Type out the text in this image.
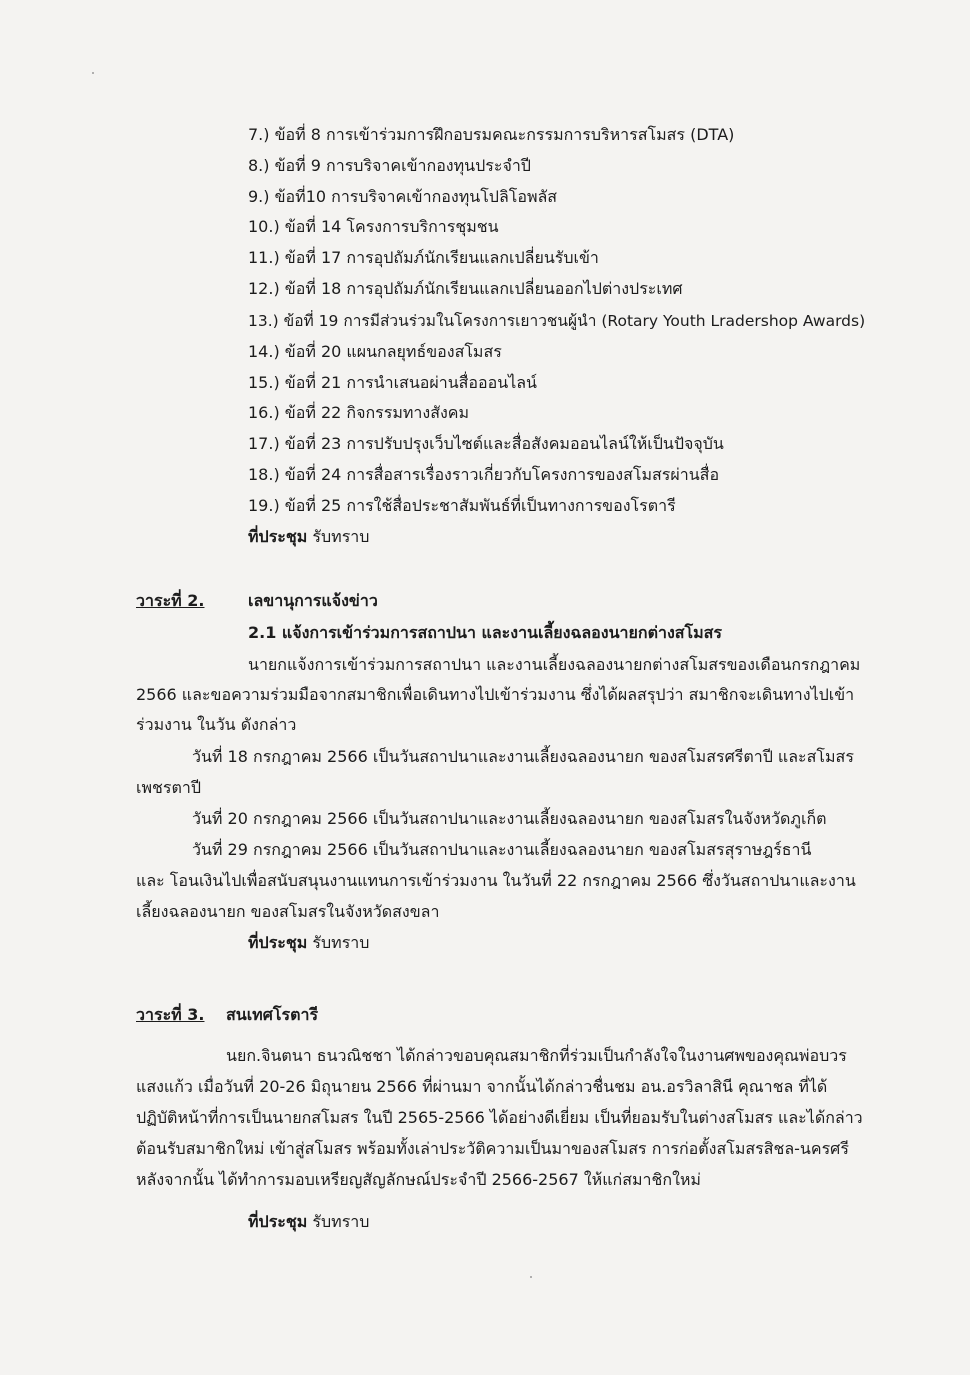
7.) ข้อที่ 8 การเข้าร่วมการฝึกอบรมคณะกรรมการบริหารสโมสร (DTA)
8.) ข้อที่ 9 การบริจาคเข้ากองทุนประจำปี
9.) ข้อที่10 การบริจาคเข้ากองทุนโปลิโอพลัส
10.) ข้อที่ 14 โครงการบริการชุมชน
11.) ข้อที่ 17 การอุปถัมภ์นักเรียนแลกเปลี่ยนรับเข้า
12.) ข้อที่ 18 การอุปถัมภ์นักเรียนแลกเปลี่ยนออกไปต่างประเทศ
13.) ข้อที่ 19 การมีส่วนร่วมในโครงการเยาวชนผู้นำ (Rotary Youth Lradershop Awards)
14.) ข้อที่ 20 แผนกลยุทธ์ของสโมสร
15.) ข้อที่ 21 การนำเสนอผ่านสื่อออนไลน์
16.) ข้อที่ 22 กิจกรรมทางสังคม
17.) ข้อที่ 23 การปรับปรุงเว็บไซต์และสื่อสังคมออนไลน์ให้เป็นปัจจุบัน
18.) ข้อที่ 24 การสื่อสารเรื่องราวเกี่ยวกับโครงการของสโมสรผ่านสื่อ
19.) ข้อที่ 25 การใช้สื่อประชาสัมพันธ์ที่เป็นทางการของโรตารี
ที่ประชุม รับทราบ
วาระที่ 2.	เลขานุการแจ้งข่าว
2.1 แจ้งการเข้าร่วมการสถาปนา และงานเลี้ยงฉลองนายกต่างสโมสร
นายกแจ้งการเข้าร่วมการสถาปนา และงานเลี้ยงฉลองนายกต่างสโมสรของเดือนกรกฎาคม
2566 และขอความร่วมมือจากสมาชิกเพื่อเดินทางไปเข้าร่วมงาน ซึ่งได้ผลสรุปว่า สมาชิกจะเดินทางไปเข้า
ร่วมงาน ในวัน ดังกล่าว
วันที่ 18 กรกฎาคม 2566 เป็นวันสถาปนาและงานเลี้ยงฉลองนายก ของสโมสรศรีตาปี และสโมสร
เพชรตาปี
วันที่ 20 กรกฎาคม 2566 เป็นวันสถาปนาและงานเลี้ยงฉลองนายก ของสโมสรในจังหวัดภูเก็ต
วันที่ 29 กรกฎาคม 2566 เป็นวันสถาปนาและงานเลี้ยงฉลองนายก ของสโมสรสุราษฎร์ธานี
และ โอนเงินไปเพื่อสนับสนุนงานแทนการเข้าร่วมงาน ในวันที่ 22 กรกฎาคม 2566 ซึ่งวันสถาปนาและงาน
เลี้ยงฉลองนายก ของสโมสรในจังหวัดสงขลา
ที่ประชุม รับทราบ
วาระที่ 3. สนเทศโรตารี
นยก.จินตนา ธนวณิชชา ได้กล่าวขอบคุณสมาชิกที่ร่วมเป็นกำลังใจในงานศพของคุณพ่อบวร
แสงแก้ว เมื่อวันที่ 20-26 มิถุนายน 2566 ที่ผ่านมา จากนั้นได้กล่าวชื่นชม อน.อรวิลาสินี คุณาชล ที่ได้
ปฏิบัติหน้าที่การเป็นนายกสโมสร ในปี 2565-2566 ได้อย่างดีเยี่ยม เป็นที่ยอมรับในต่างสโมสร และได้กล่าว
ต้อนรับสมาชิกใหม่ เข้าสู่สโมสร พร้อมทั้งเล่าประวัติความเป็นมาของสโมสร การก่อตั้งสโมสรสิชล-นครศรี
หลังจากนั้น ได้ทำการมอบเหรียญสัญลักษณ์ประจำปี 2566-2567 ให้แก่สมาชิกใหม่
ที่ประชุม รับทราบ
